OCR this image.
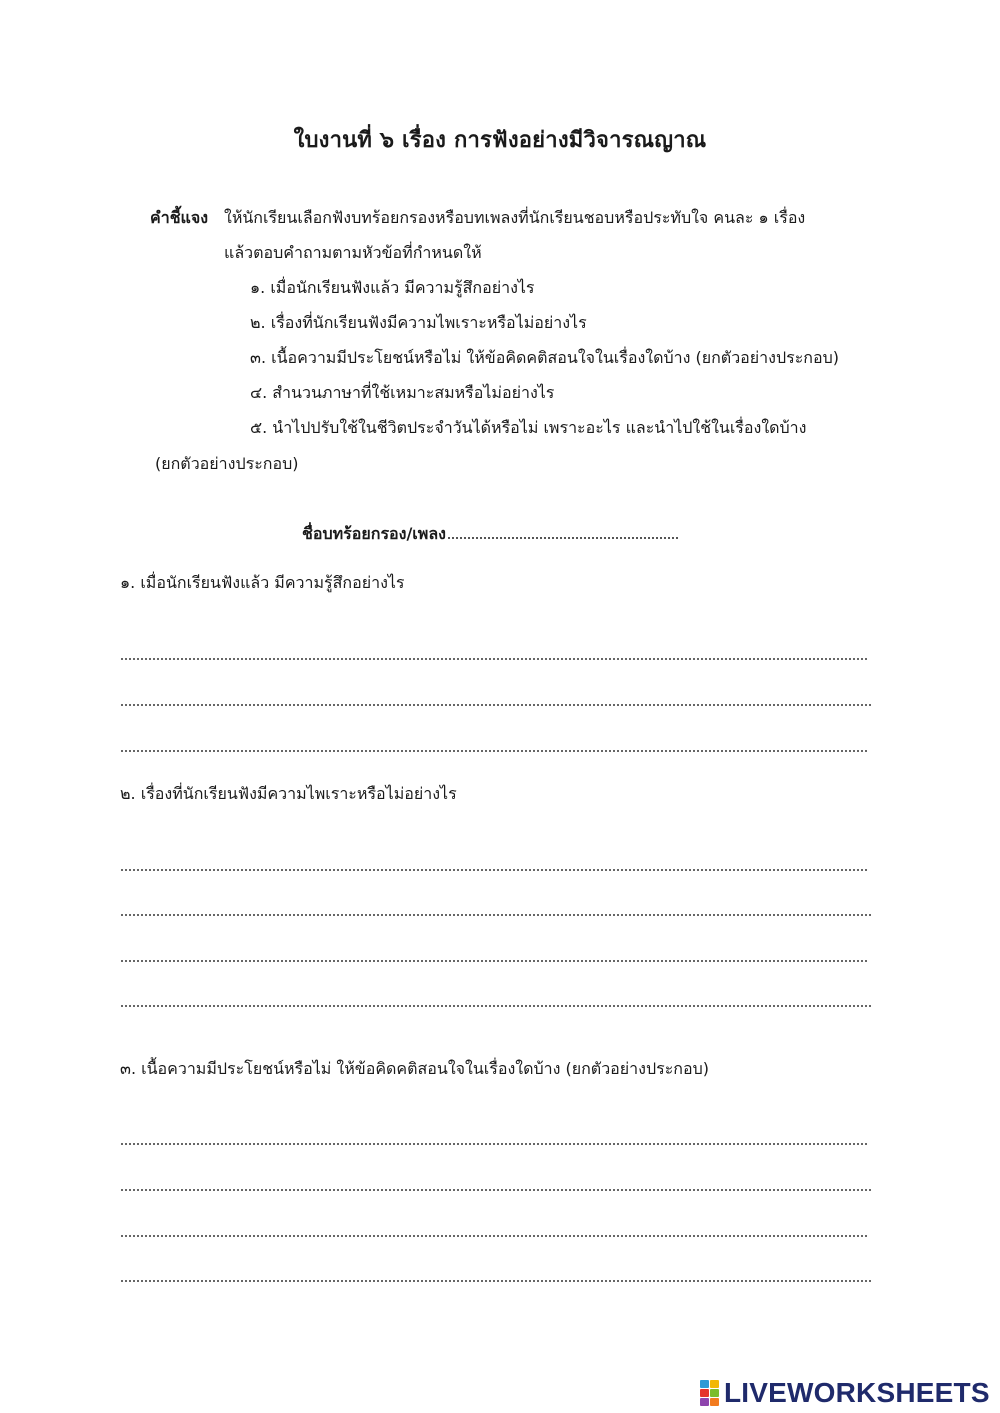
ใบงานที่ ๖ เรื่อง การฟังอย่างมีวิจารณญาณ
คำชี้แจง ให้นักเรียนเลือกฟังบทร้อยกรองหรือบทเพลงที่นักเรียนชอบหรือประทับใจ คนละ ๑ เรื่อง
แล้วตอบคำถามตามหัวข้อที่กำหนดให้
๑. เมื่อนักเรียนฟังแล้ว มีความรู้สึกอย่างไร
๒. เรื่องที่นักเรียนฟังมีความไพเราะหรือไม่อย่างไร
๓. เนื้อความมีประโยชน์หรือไม่ ให้ข้อคิดคติสอนใจในเรื่องใดบ้าง (ยกตัวอย่างประกอบ)
๔. สำนวนภาษาที่ใช้เหมาะสมหรือไม่อย่างไร
๕. นำไปปรับใช้ในชีวิตประจำวันได้หรือไม่ เพราะอะไร และนำไปใช้ในเรื่องใดบ้าง
(ยกตัวอย่างประกอบ)
ชื่อบทร้อยกรอง/เพลง
๑. เมื่อนักเรียนฟังแล้ว มีความรู้สึกอย่างไร
๒. เรื่องที่นักเรียนฟังมีความไพเราะหรือไม่อย่างไร
๓. เนื้อความมีประโยชน์หรือไม่ ให้ข้อคิดคติสอนใจในเรื่องใดบ้าง (ยกตัวอย่างประกอบ)
LIVEWORKSHEETS
